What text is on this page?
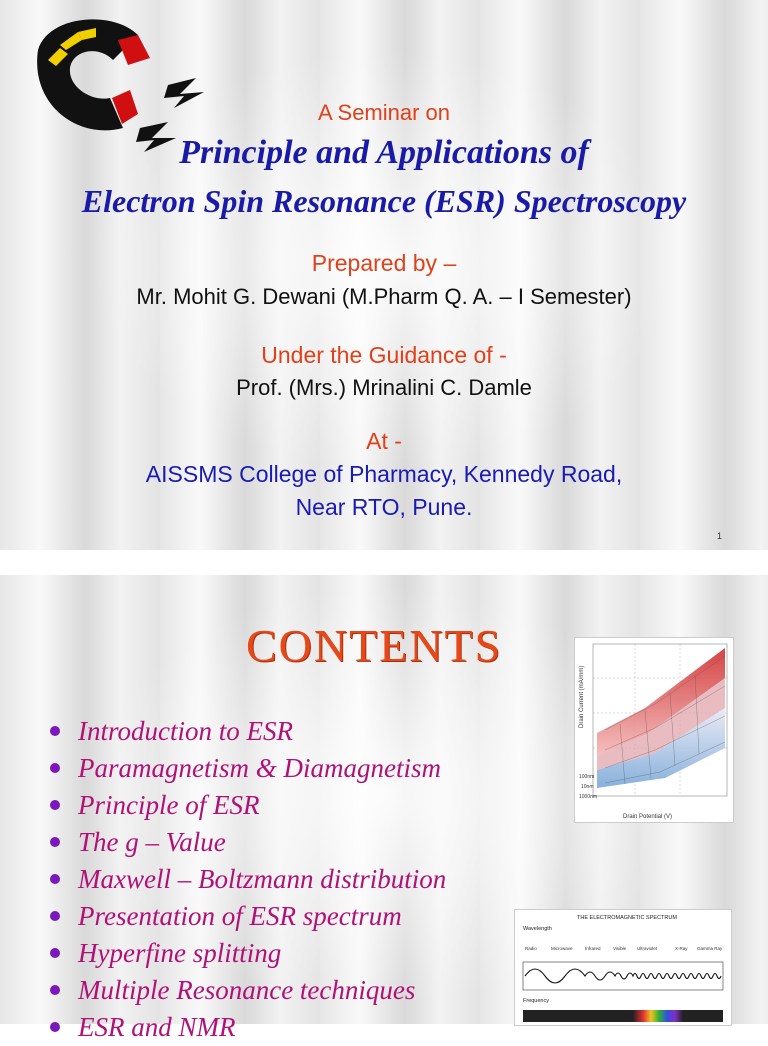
A Seminar on
Principle and Applications of
Electron Spin Resonance (ESR) Spectroscopy
Prepared by –
Mr. Mohit G. Dewani (M.Pharm Q. A. – I Semester)
Under the Guidance of -
Prof. (Mrs.) Mrinalini C. Damle
At -
AISSMS College of Pharmacy, Kennedy Road,
Near RTO, Pune.
1
CONTENTS
Drain Current (mA/mm)
Drain Potential (V)
100nm
10nm
1000nm
THE ELECTROMAGNETIC SPECTRUM
Wavelength
Radio	Microwave	Infrared	Visible Ultraviolet	X-Ray Gamma Ray
Frequency
Introduction to ESR
Paramagnetism & Diamagnetism
Principle of ESR
The g – Value
Maxwell – Boltzmann distribution
Presentation of ESR spectrum
Hyperfine splitting
Multiple Resonance techniques
ESR and NMR
